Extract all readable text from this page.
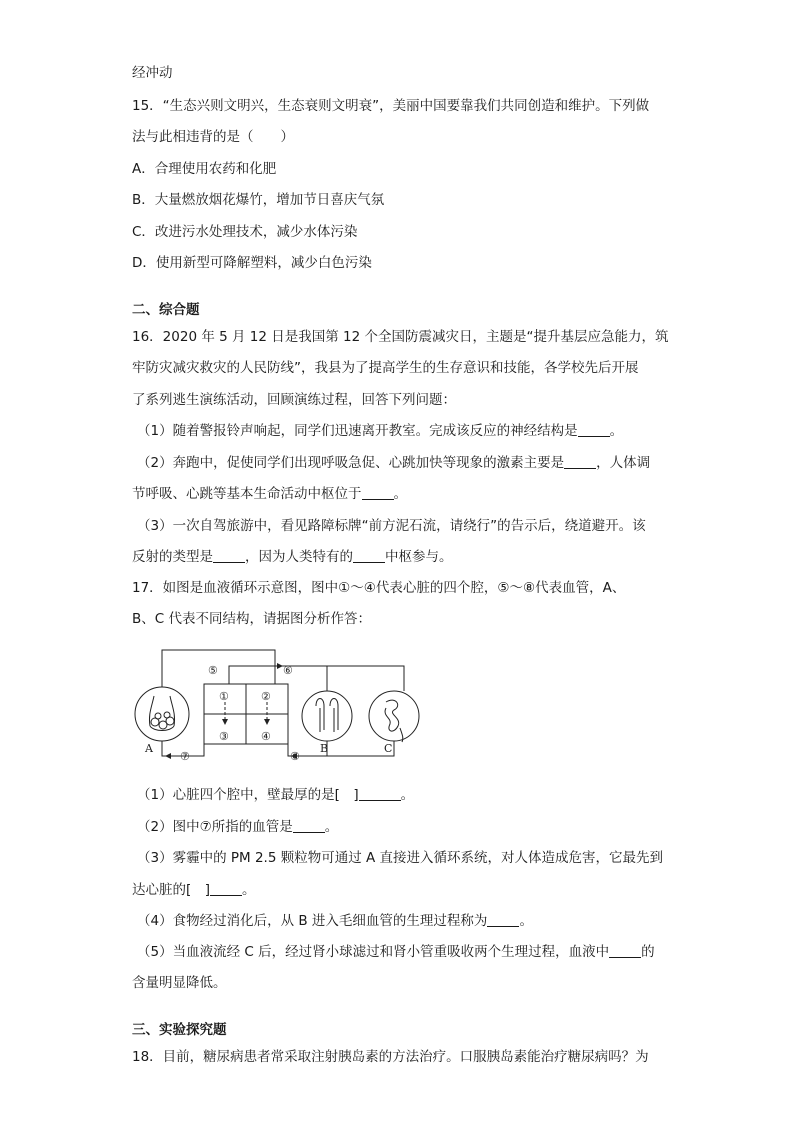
经冲动
15．“生态兴则文明兴，生态衰则文明衰”，美丽中国要靠我们共同创造和维护。下列做
法与此相违背的是（　　）
A．合理使用农药和化肥
B．大量燃放烟花爆竹，增加节日喜庆气氛
C．改进污水处理技术，减少水体污染
D．使用新型可降解塑料，减少白色污染
二、综合题
16．2020 年 5 月 12 日是我国第 12 个全国防震减灾日，主题是“提升基层应急能力，筑
牢防灾减灾救灾的人民防线”，我县为了提高学生的生存意识和技能，各学校先后开展
了系列逃生演练活动，回顾演练过程，回答下列问题：
（1）随着警报铃声响起，同学们迅速离开教室。完成该反应的神经结构是 。
（2）奔跑中，促使同学们出现呼吸急促、心跳加快等现象的激素主要是 ，人体调
节呼吸、心跳等基本生命活动中枢位于 。
（3）一次自驾旅游中，看见路障标牌“前方泥石流，请绕行”的告示后，绕道避开。该
反射的类型是 ，因为人类特有的 中枢参与。
17．如图是血液循环示意图，图中①～④代表心脏的四个腔，⑤～⑧代表血管，A、
B、C 代表不同结构，请据图分析作答：
①	②
③	④
⑤	⑥
⑦	⑧
A	B	C
（1）心脏四个腔中，壁最厚的是[　]	。
（2）图中⑦所指的血管是 。
（3）雾霾中的 PM 2.5 颗粒物可通过 A 直接进入循环系统，对人体造成危害，它最先到
达心脏的[　] 。
（4）食物经过消化后，从 B 进入毛细血管的生理过程称为 。
（5）当血液流经 C 后，经过肾小球滤过和肾小管重吸收两个生理过程，血液中 的
含量明显降低。
三、实验探究题
18．目前，糖尿病患者常采取注射胰岛素的方法治疗。口服胰岛素能治疗糖尿病吗？为
